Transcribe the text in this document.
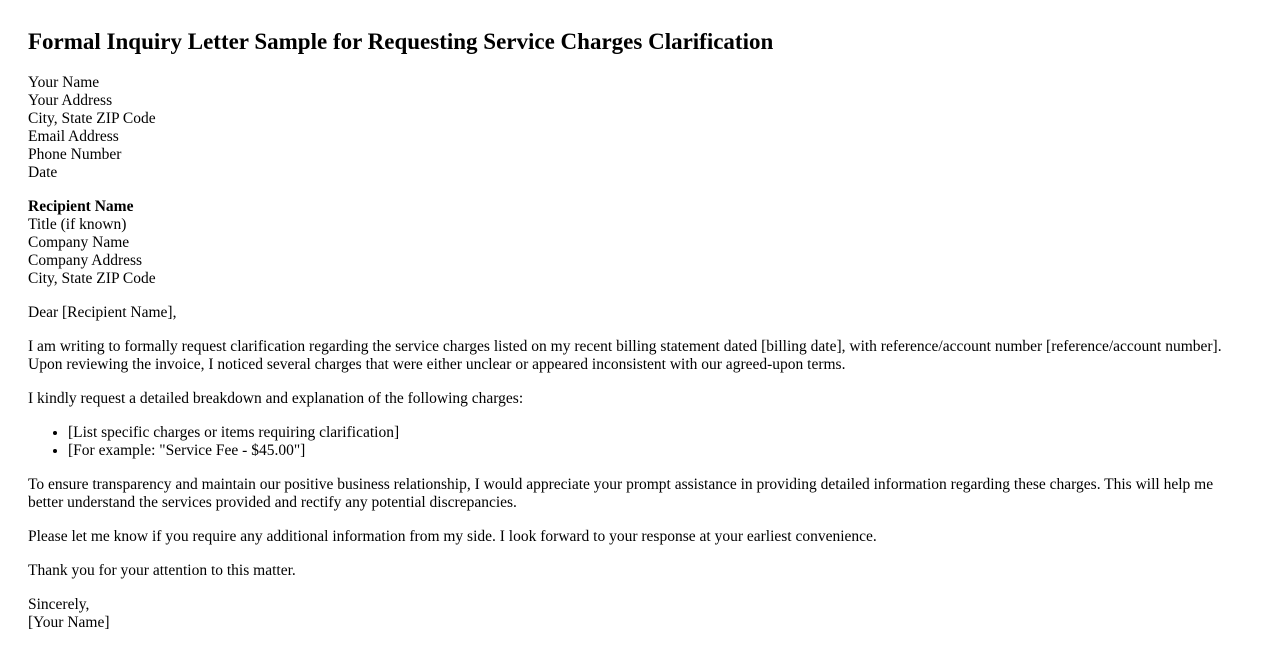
Formal Inquiry Letter Sample for Requesting Service Charges Clarification
Your Name
Your Address
City, State ZIP Code
Email Address
Phone Number
Date
Recipient Name
Title (if known)
Company Name
Company Address
City, State ZIP Code

Dear [Recipient Name],

I am writing to formally request clarification regarding the service charges listed on my recent billing statement dated [billing date], with reference/account number [reference/account number]. Upon reviewing the invoice, I noticed several charges that were either unclear or appeared inconsistent with our agreed-upon terms.

I kindly request a detailed breakdown and explanation of the following charges:

• [List specific charges or items requiring clarification]
• [For example: "Service Fee - $45.00"]

To ensure transparency and maintain our positive business relationship, I would appreciate your prompt assistance in providing detailed information regarding these charges. This will help me better understand the services provided and rectify any potential discrepancies.

Please let me know if you require any additional information from my side. I look forward to your response at your earliest convenience.

Thank you for your attention to this matter.

Sincerely,
[Your Name]
